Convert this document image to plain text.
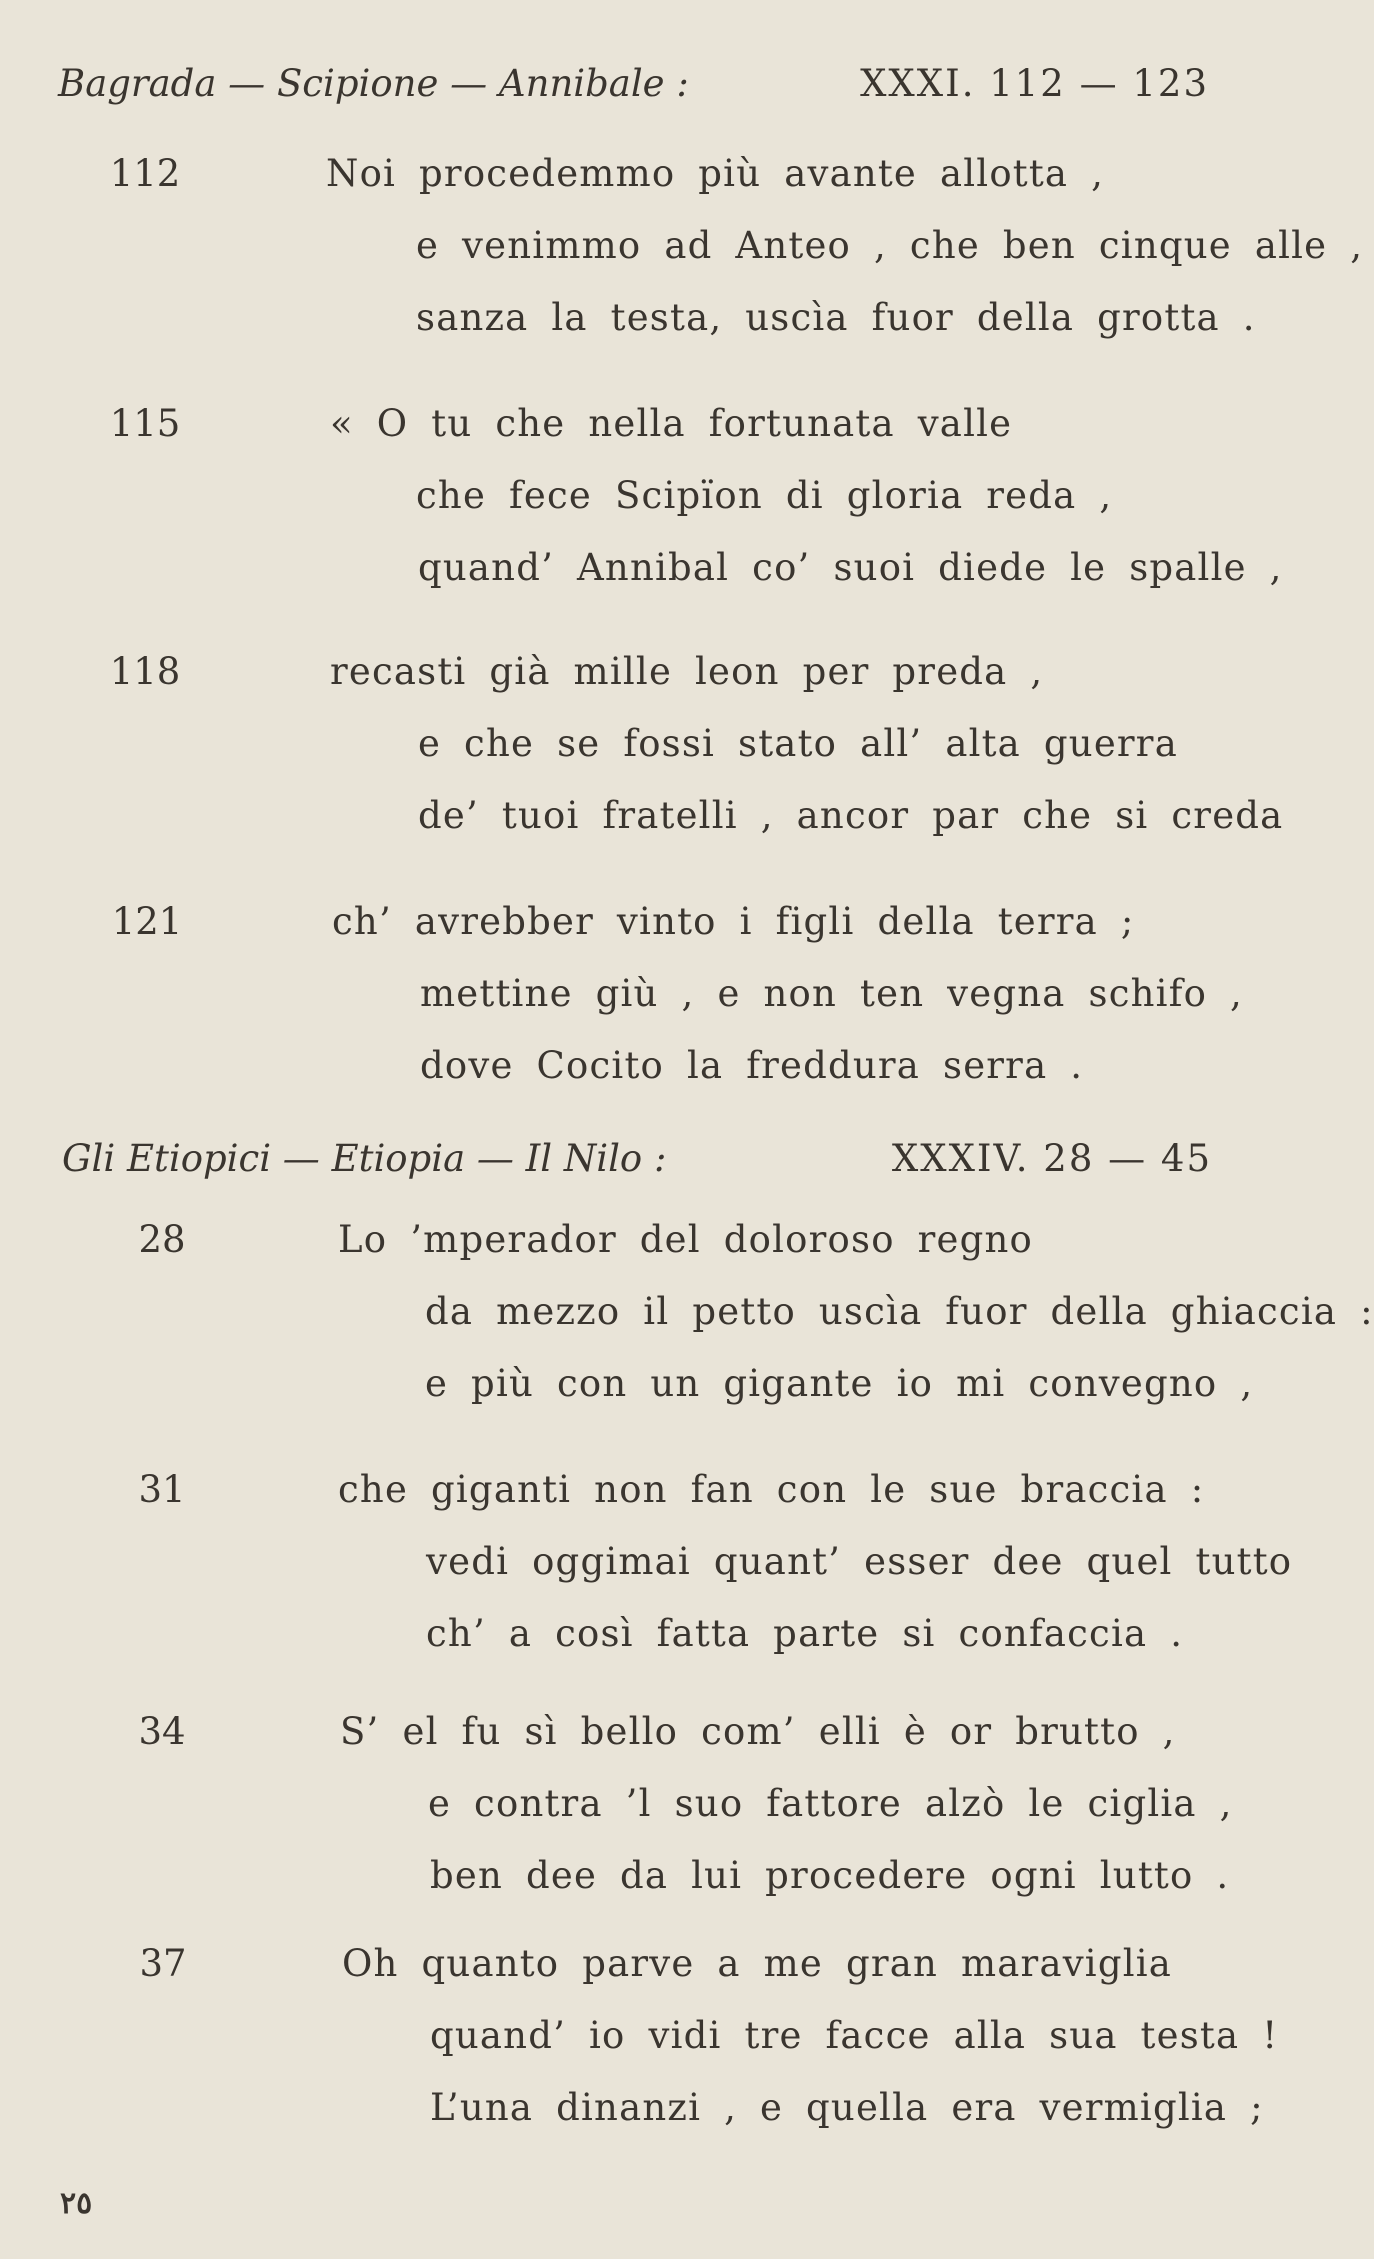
Bagrada — Scipione — Annibale :	XXXI. 112 — 123
112	Noi procedemmo più avante allotta ,
e venimmo ad Anteo , che ben cinque alle ,
sanza la testa, uscìa fuor della grotta .
115	« O tu che nella fortunata valle
che fece Scipïon di gloria reda ,
quand’ Annibal co’ suoi diede le spalle ,
118	recasti già mille leon per preda ,
e che se fossi stato all’ alta guerra
de’ tuoi fratelli , ancor par che si creda
121	ch’ avrebber vinto i figli della terra ;
mettine giù , e non ten vegna schifo ,
dove Cocito la freddura serra .
Gli Etiopici — Etiopia — Il Nilo :	XXXIV. 28 — 45
28	Lo ’mperador del doloroso regno
da mezzo il petto uscìa fuor della ghiaccia :
e più con un gigante io mi convegno ,
31	che giganti non fan con le sue braccia :
vedi oggimai quant’ esser dee quel tutto
ch’ a così fatta parte si confaccia .
34	S’ el fu sì bello com’ elli è or brutto ,
e contra ’l suo fattore alzò le ciglia ,
ben dee da lui procedere ogni lutto .
37	Oh quanto parve a me gran maraviglia
quand’ io vidi tre facce alla sua testa !
L’una dinanzi , e quella era vermiglia ;
٢٥
